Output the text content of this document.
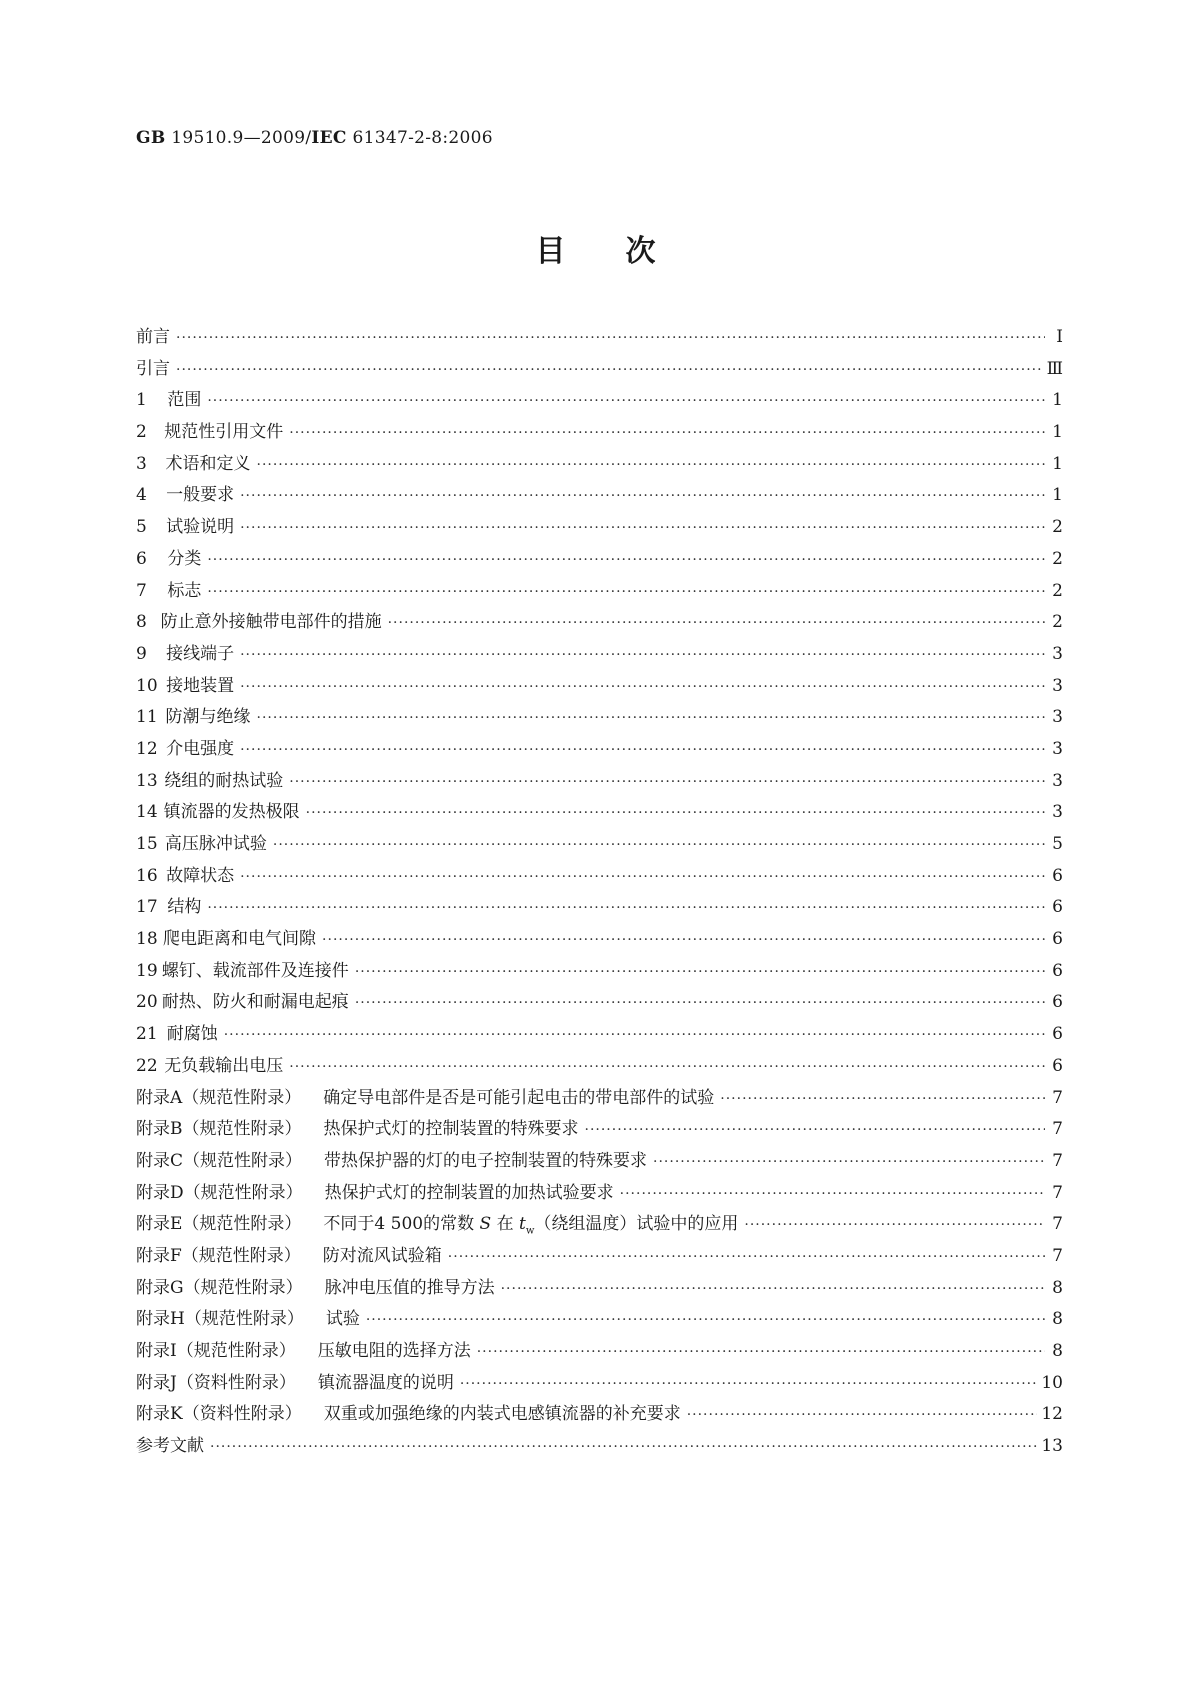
GB 19510.9—2009/IEC 61347-2-8:2006
目次
前言 ·····	Ⅰ
引言 ·····	Ⅲ
1	范围 ·····	1
2	规范性引用文件 ·····	1
3	术语和定义 ·····	1
4	一般要求 ·····	1
5	试验说明 ·····	2
6	分类 ·····	2
7	标志 ·····	2
8 防止意外接触带电部件的措施 ·····	2
9	接线端子 ·····	3
10 接地装置 ·····	3
11 防潮与绝缘 ·····	3
12 介电强度 ·····	3
13 绕组的耐热试验 ·····	3
14 镇流器的发热极限 ·····	3
15 高压脉冲试验 ·····	5
16 故障状态 ·····	6
17 结构 ·····	6
18 爬电距离和电气间隙 ·····	6
19 螺钉、载流部件及连接件 ·····	6
20 耐热、防火和耐漏电起痕 ·····	6
21 耐腐蚀 ·····	6
22 无负载输出电压 ·····	6
附录A（规范性附录） 确定导电部件是否是可能引起电击的带电部件的试验 ·····	7
附录B（规范性附录） 热保护式灯的控制装置的特殊要求 ·····	7
附录C（规范性附录） 带热保护器的灯的电子控制装置的特殊要求 ·····	7
附录D（规范性附录） 热保护式灯的控制装置的加热试验要求 ·····	7
附录E（规范性附录） 不同于4 500的常数 S 在 $t_w$（绕组温度）试验中的应用 ·····	7
附录F（规范性附录） 防对流风试验箱 ·····	7
附录G（规范性附录） 脉冲电压值的推导方法 ·····	8
附录H（规范性附录） 试验 ·····	8
附录I（规范性附录） 压敏电阻的选择方法 ·····	8
附录J（资料性附录） 镇流器温度的说明 ·····	10
附录K（资料性附录） 双重或加强绝缘的内装式电感镇流器的补充要求 ·····	12
参考文献 ·····	13
